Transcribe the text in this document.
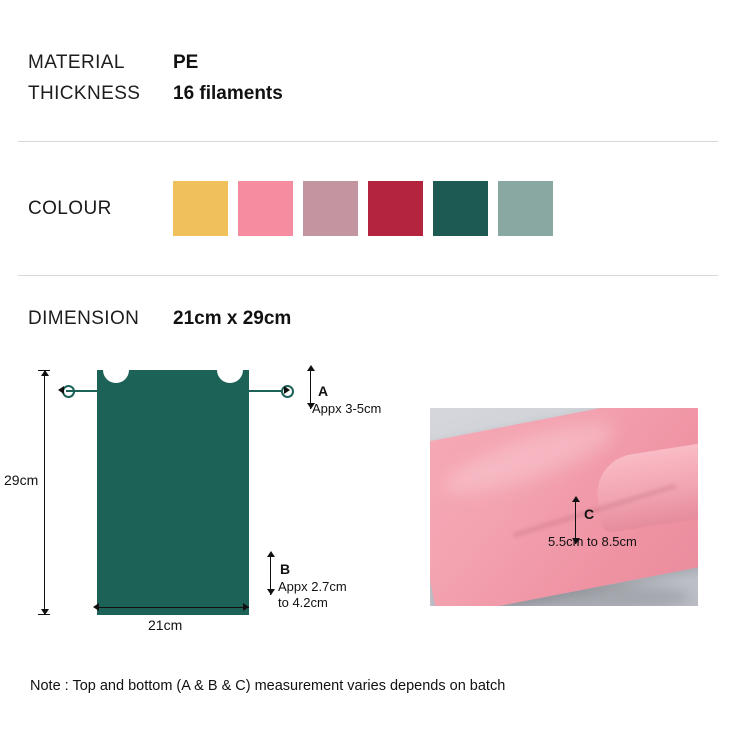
MATERIAL	PE
THICKNESS	16 filaments
COLOUR
DIMENSION	21cm x 29cm
29cm
21cm
A
Appx 3-5cm
B
Appx 2.7cm
to 4.2cm
C
5.5cm to 8.5cm
Note : Top and bottom (A & B & C) measurement varies depends on batch
